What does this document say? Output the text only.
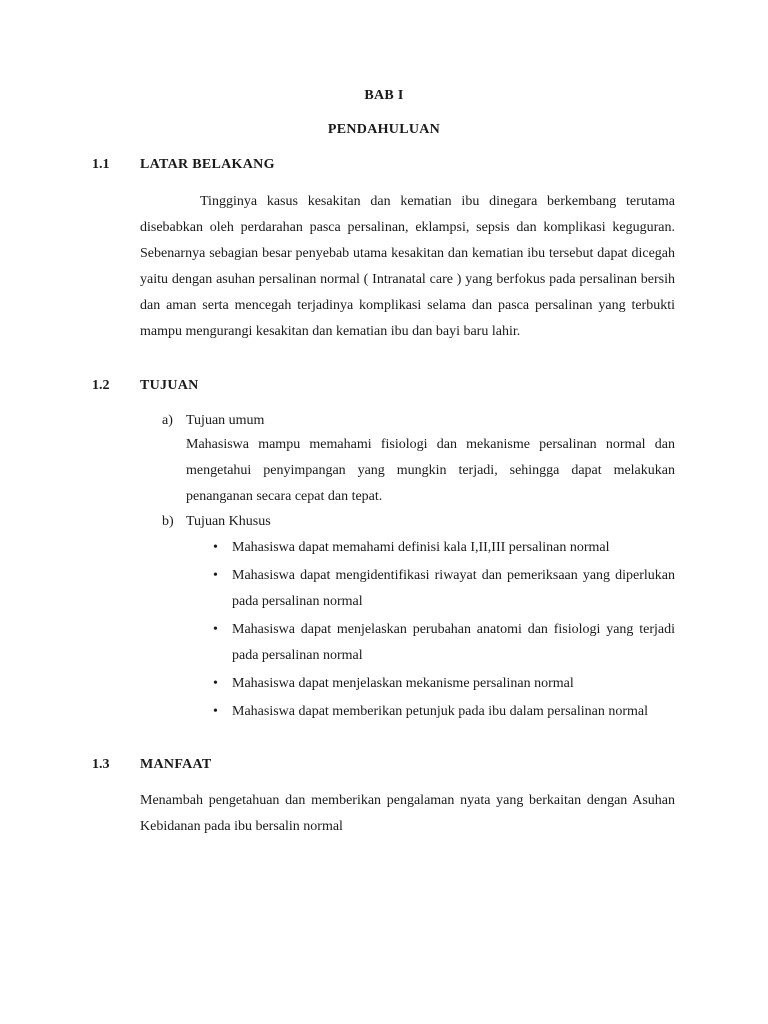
BAB I
PENDAHULUAN
1.1 LATAR BELAKANG

Tingginya kasus kesakitan dan kematian ibu dinegara berkembang terutama disebabkan oleh perdarahan pasca persalinan, eklampsi, sepsis dan komplikasi keguguran. Sebenarnya sebagian besar penyebab utama kesakitan dan kematian ibu tersebut dapat dicegah yaitu dengan asuhan persalinan normal ( Intranatal care ) yang berfokus pada persalinan bersih dan aman serta mencegah terjadinya komplikasi selama dan pasca persalinan yang terbukti mampu mengurangi kesakitan dan kematian ibu dan bayi baru lahir.

1.2 TUJUAN
a) Tujuan umum

Mahasiswa mampu memahami fisiologi dan mekanisme persalinan normal dan mengetahui penyimpangan yang mungkin terjadi, sehingga dapat melakukan penanganan secara cepat dan tepat.

b) Tujuan Khusus
• Mahasiswa dapat memahami definisi kala I,II,III persalinan normal
• Mahasiswa dapat mengidentifikasi riwayat dan pemeriksaan yang diperlukan pada persalinan normal
• Mahasiswa dapat menjelaskan perubahan anatomi dan fisiologi yang terjadi pada persalinan normal
• Mahasiswa dapat menjelaskan mekanisme persalinan normal
• Mahasiswa dapat memberikan petunjuk pada ibu dalam persalinan normal
1.3 MANFAAT

Menambah pengetahuan dan memberikan pengalaman nyata yang berkaitan dengan Asuhan Kebidanan pada ibu bersalin normal
